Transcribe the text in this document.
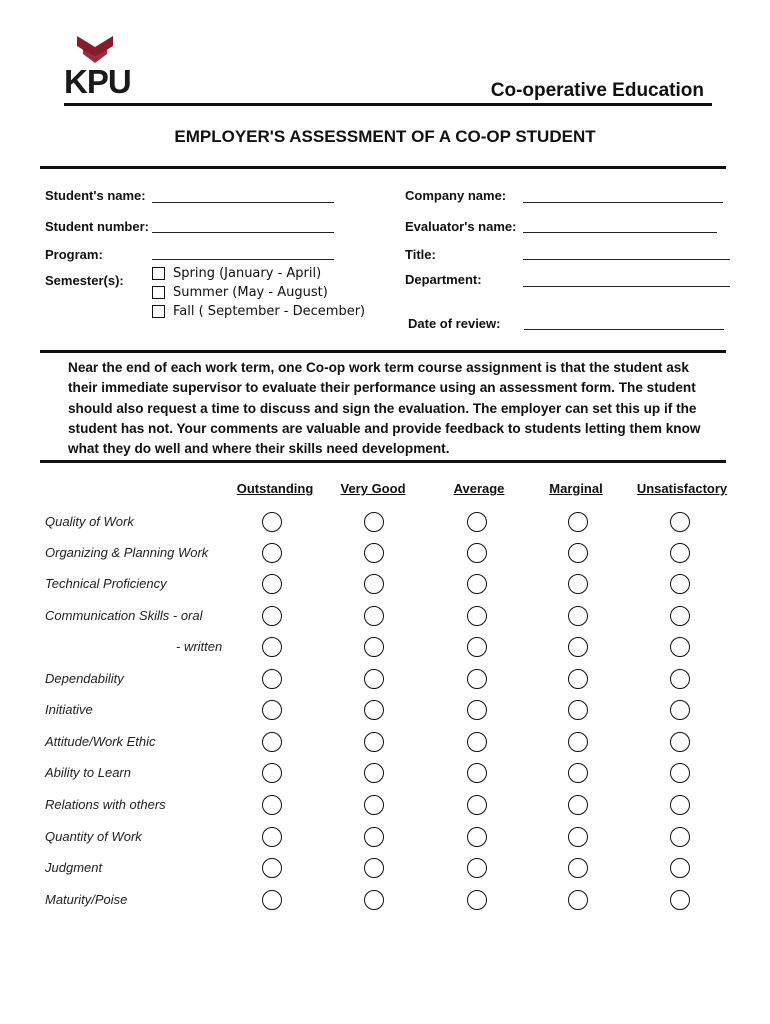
KPU	Co-operative Education
EMPLOYER'S ASSESSMENT OF A CO-OP STUDENT
Student's name:
Student number:
Program:
Semester(s):	Spring (January - April)
Summer (May - August)
Fall ( September - December)
Company name:
Evaluator's name:
Title:
Department:
Date of review:
Near the end of each work term, one Co-op work term course assignment is that the student ask their immediate supervisor to evaluate their performance using an assessment form. The student should also request a time to discuss and sign the evaluation. The employer can set this up if the student has not. Your comments are valuable and provide feedback to students letting them know what they do well and where their skills need development.
Outstanding	Very Good	Average	Marginal	Unsatisfactory
Quality of Work
Organizing & Planning Work
Technical Proficiency
Communication Skills - oral
- written
Dependability
Initiative
Attitude/Work Ethic
Ability to Learn
Relations with others
Quantity of Work
Judgment
Maturity/Poise
